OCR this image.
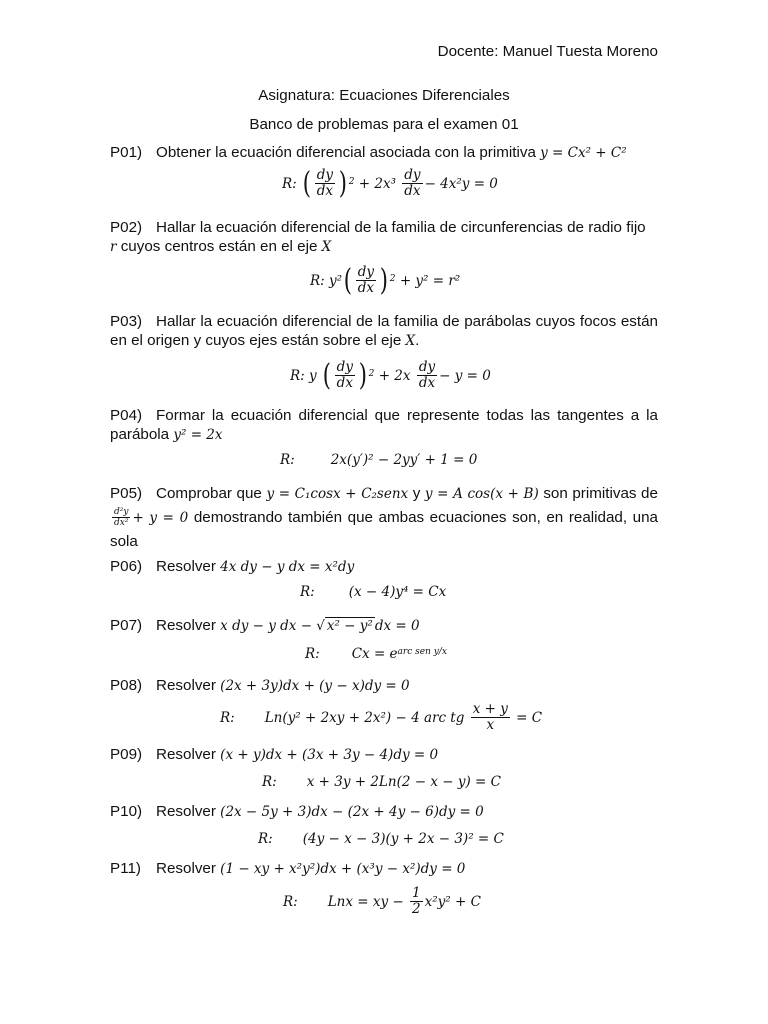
Docente: Manuel Tuesta Moreno
Asignatura: Ecuaciones Diferenciales
Banco de problemas para el examen 01
P01) Obtener la ecuación diferencial asociada con la primitiva y = Cx² + C²
R:
( $\frac{dy}{dx} )^2$
+ 2x³
$\frac{dy}{dx} - 4x^2y = 0$
P02) Hallar la ecuación diferencial de la familia de circunferencias de radio fijo
r cuyos centros están en el eje X
R:
y² ( $\frac{dy}{dx} )^2$
+ y² = r²
P03) Hallar la ecuación diferencial de la familia de parábolas cuyos focos están en el origen y cuyos ejes están sobre el eje X.
R:
y
( $\frac{dy}{dx} )^2$
+ 2x
$\frac{dy}{dx} - y = 0$
P04) Formar la ecuación diferencial que represente todas las tangentes a la parábola y² = 2x
R:	2x(y′)² − 2yy′ + 1 = 0
P05) Comprobar que y = C₁cosx + C₂senx y y = A cos(x + B) son primitivas de
$\frac{\text{d²y}}{\text{dx²}} + y = 0$ demostrando también que ambas ecuaciones son, en realidad, una sola
P06) Resolver 4x dy − y dx = x²dy
R:	(x − 4)y⁴ = Cx
P07) Resolver x dy − y dx − √ x² − y² dx = 0
R: $Cx = e^{arc sen y/x}$
P08) Resolver (2x + 3y)dx + (y − x)dy = 0
R: Ln(y² + 2xy + 2x²) − 4 arc tg
$\frac{x + y}{x}$
= C
P09) Resolver (x + y)dx + (3x + 3y − 4)dy = 0
R: x + 3y + 2Ln(2 − x − y) = C
P10) Resolver (2x − 5y + 3)dx − (2x + 4y − 6)dy = 0
R: (4y − x − 3)(y + 2x − 3)² = C
P11) Resolver (1 − xy + x²y²)dx + (x³y − x²)dy = 0
R: Lnx = xy −
$\frac{1}{2} x^2y^2 + C$
